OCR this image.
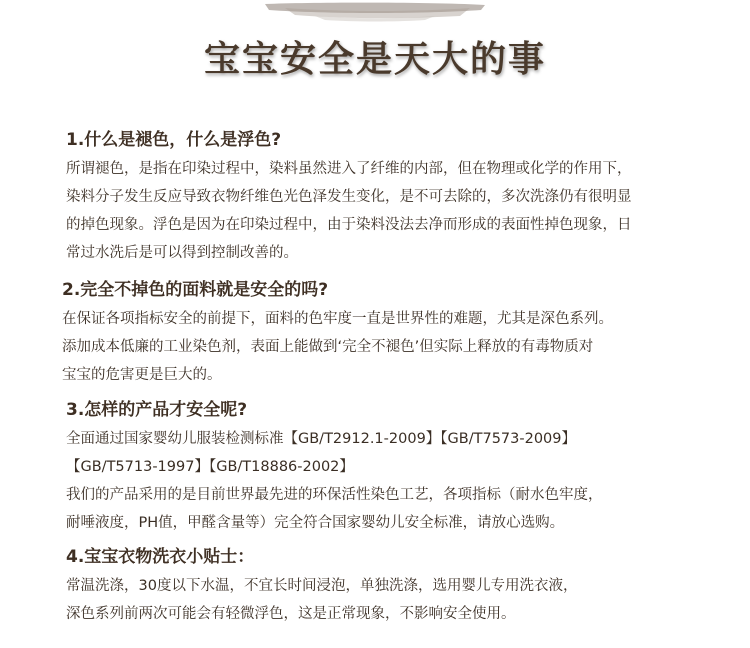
宝宝安全是天大的事

1.什么是褪色，什么是浮色?

所谓褪色，是指在印染过程中，染料虽然进入了纤维的内部，但在物理或化学的作用下，

染料分子发生反应导致衣物纤维色光色泽发生变化，是不可去除的，多次洗涤仍有很明显

的掉色现象。浮色是因为在印染过程中，由于染料没法去净而形成的表面性掉色现象，日

常过水洗后是可以得到控制改善的。

2.完全不掉色的面料就是安全的吗?

在保证各项指标安全的前提下，面料的色牢度一直是世界性的难题，尤其是深色系列。

添加成本低廉的工业染色剂，表面上能做到‘完全不褪色’但实际上释放的有毒物质对

宝宝的危害更是巨大的。

3.怎样的产品才安全呢?

全面通过国家婴幼儿服装检测标准【GB/T2912.1-2009】【GB/T7573-2009】

【GB/T5713-1997】【GB/T18886-2002】

我们的产品采用的是目前世界最先进的环保活性染色工艺，各项指标（耐水色牢度，

耐唾液度，PH值，甲醛含量等）完全符合国家婴幼儿安全标准，请放心选购。

4.宝宝衣物洗衣小贴士：

常温洗涤，30度以下水温，不宜长时间浸泡，单独洗涤，选用婴儿专用洗衣液，

深色系列前两次可能会有轻微浮色，这是正常现象，不影响安全使用。
